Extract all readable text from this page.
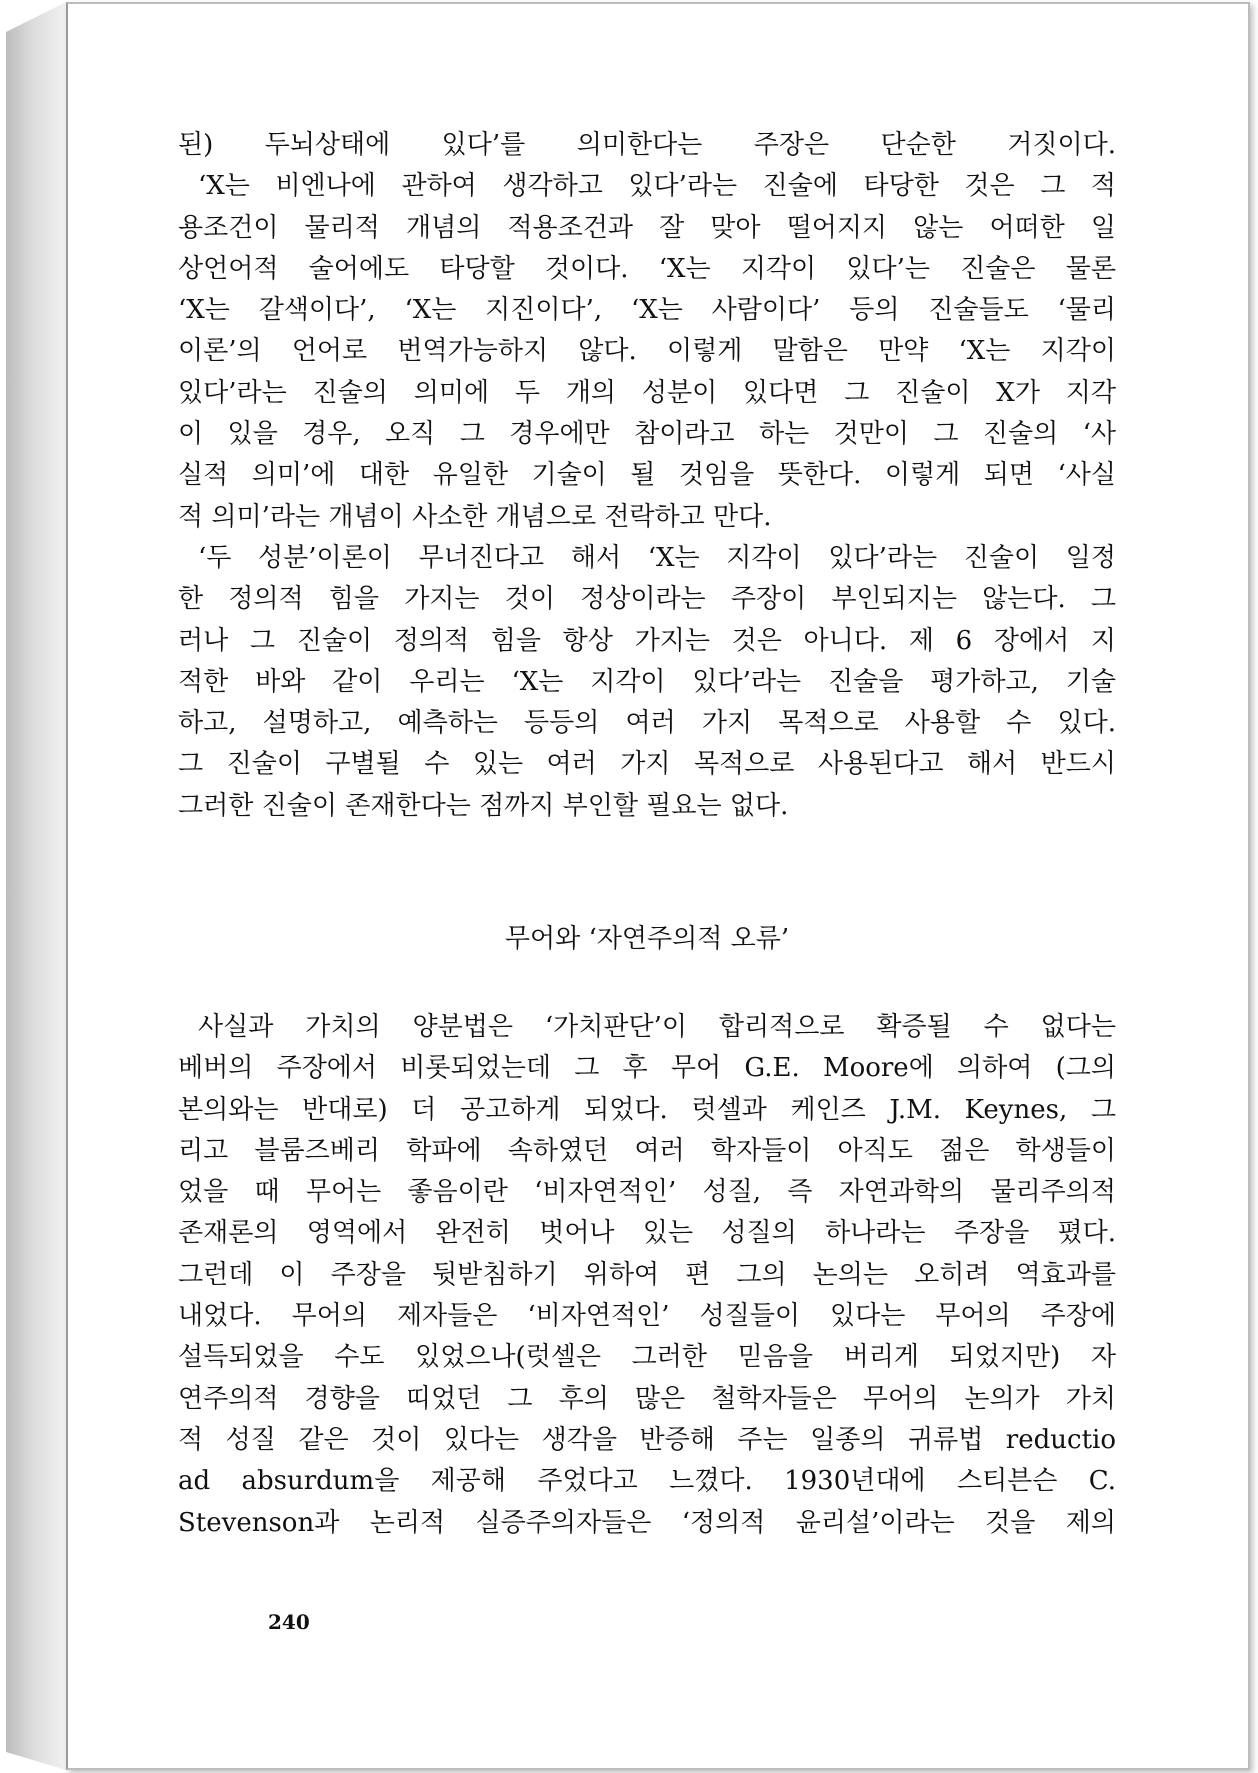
된) 두뇌상태에 있다’를 의미한다는 주장은 단순한 거짓이다.
‘X는 비엔나에 관하여 생각하고 있다’라는 진술에 타당한 것은 그 적
용조건이 물리적 개념의 적용조건과 잘 맞아 떨어지지 않는 어떠한 일
상언어적 술어에도 타당할 것이다. ‘X는 지각이 있다’는 진술은 물론
‘X는 갈색이다’, ‘X는 지진이다’, ‘X는 사람이다’ 등의 진술들도 ‘물리
이론’의 언어로 번역가능하지 않다. 이렇게 말함은 만약 ‘X는 지각이
있다’라는 진술의 의미에 두 개의 성분이 있다면 그 진술이 X가 지각
이 있을 경우, 오직 그 경우에만 참이라고 하는 것만이 그 진술의 ‘사
실적 의미’에 대한 유일한 기술이 될 것임을 뜻한다. 이렇게 되면 ‘사실
적 의미’라는 개념이 사소한 개념으로 전락하고 만다.
‘두 성분’이론이 무너진다고 해서 ‘X는 지각이 있다’라는 진술이 일정
한 정의적 힘을 가지는 것이 정상이라는 주장이 부인되지는 않는다. 그
러나 그 진술이 정의적 힘을 항상 가지는 것은 아니다. 제 6 장에서 지
적한 바와 같이 우리는 ‘X는 지각이 있다’라는 진술을 평가하고, 기술
하고, 설명하고, 예측하는 등등의 여러 가지 목적으로 사용할 수 있다.
그 진술이 구별될 수 있는 여러 가지 목적으로 사용된다고 해서 반드시
그러한 진술이 존재한다는 점까지 부인할 필요는 없다.
무어와 ‘자연주의적 오류’
사실과 가치의 양분법은 ‘가치판단’이 합리적으로 확증될 수 없다는
베버의 주장에서 비롯되었는데 그 후 무어 G.E. Moore에 의하여 (그의
본의와는 반대로) 더 공고하게 되었다. 럿셀과 케인즈 J.M. Keynes, 그
리고 블룸즈베리 학파에 속하였던 여러 학자들이 아직도 젊은 학생들이
었을 때 무어는 좋음이란 ‘비자연적인’ 성질, 즉 자연과학의 물리주의적
존재론의 영역에서 완전히 벗어나 있는 성질의 하나라는 주장을 폈다.
그런데 이 주장을 뒷받침하기 위하여 편 그의 논의는 오히려 역효과를
내었다. 무어의 제자들은 ‘비자연적인’ 성질들이 있다는 무어의 주장에
설득되었을 수도 있었으나(럿셀은 그러한 믿음을 버리게 되었지만) 자
연주의적 경향을 띠었던 그 후의 많은 철학자들은 무어의 논의가 가치
적 성질 같은 것이 있다는 생각을 반증해 주는 일종의 귀류법 reductio
ad absurdum을 제공해 주었다고 느꼈다. 1930년대에 스티븐슨 C.
Stevenson과 논리적 실증주의자들은 ‘정의적 윤리설’이라는 것을 제의
240
